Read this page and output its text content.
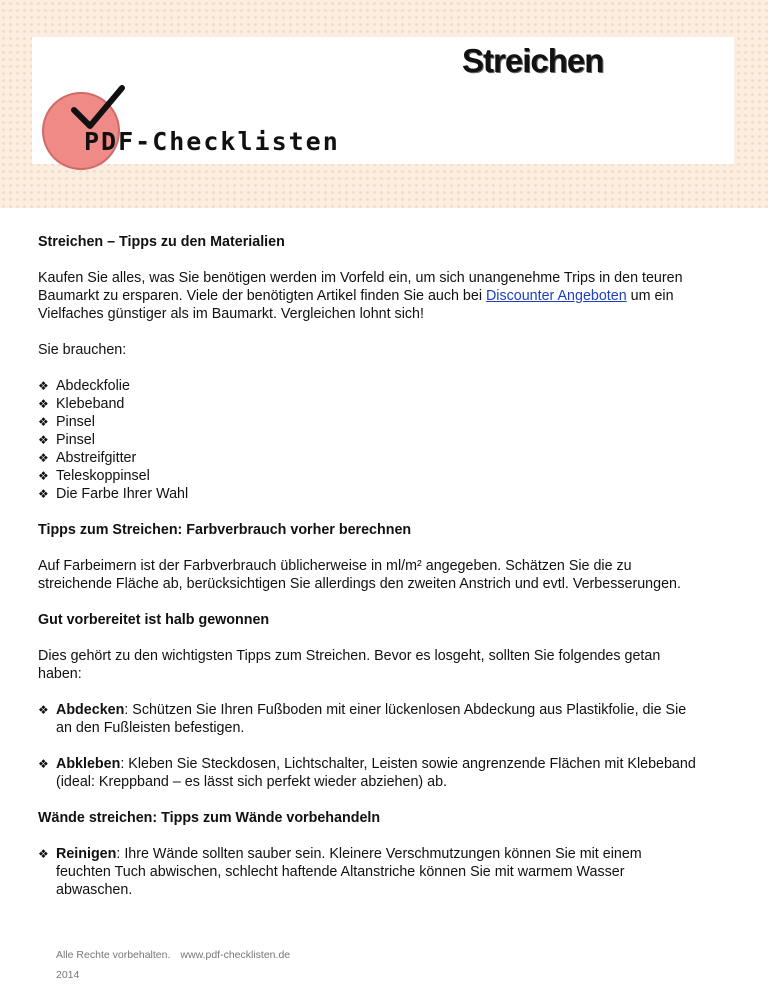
Streichen
PDF-Checklisten

Streichen – Tipps zu den Materialien

Kaufen Sie alles, was Sie benötigen werden im Vorfeld ein, um sich unangenehme Trips in den teuren Baumarkt zu ersparen. Viele der benötigten Artikel finden Sie auch bei Discounter Angeboten um ein Vielfaches günstiger als im Baumarkt. Vergleichen lohnt sich!

Sie brauchen:

❖ Abdeckfolie
❖ Klebeband
❖ Pinsel
❖ Pinsel
❖ Abstreifgitter
❖ Teleskoppinsel
❖ Die Farbe Ihrer Wahl

Tipps zum Streichen: Farbverbrauch vorher berechnen

Auf Farbeimern ist der Farbverbrauch üblicherweise in ml/m² angegeben. Schätzen Sie die zu streichende Fläche ab, berücksichtigen Sie allerdings den zweiten Anstrich und evtl. Verbesserungen.

Gut vorbereitet ist halb gewonnen

Dies gehört zu den wichtigsten Tipps zum Streichen. Bevor es losgeht, sollten Sie folgendes getan haben:

❖ Abdecken: Schützen Sie Ihren Fußboden mit einer lückenlosen Abdeckung aus Plastikfolie, die Sie an den Fußleisten befestigen.
❖ Abkleben: Kleben Sie Steckdosen, Lichtschalter, Leisten sowie angrenzende Flächen mit Klebeband (ideal: Kreppband – es lässt sich perfekt wieder abziehen) ab.

Wände streichen: Tipps zum Wände vorbehandeln

❖ Reinigen: Ihre Wände sollten sauber sein. Kleinere Verschmutzungen können Sie mit einem feuchten Tuch abwischen, schlecht haftende Altanstriche können Sie mit warmem Wasser abwaschen.
Alle Rechte vorbehalten. www.pdf-checklisten.de
2014
